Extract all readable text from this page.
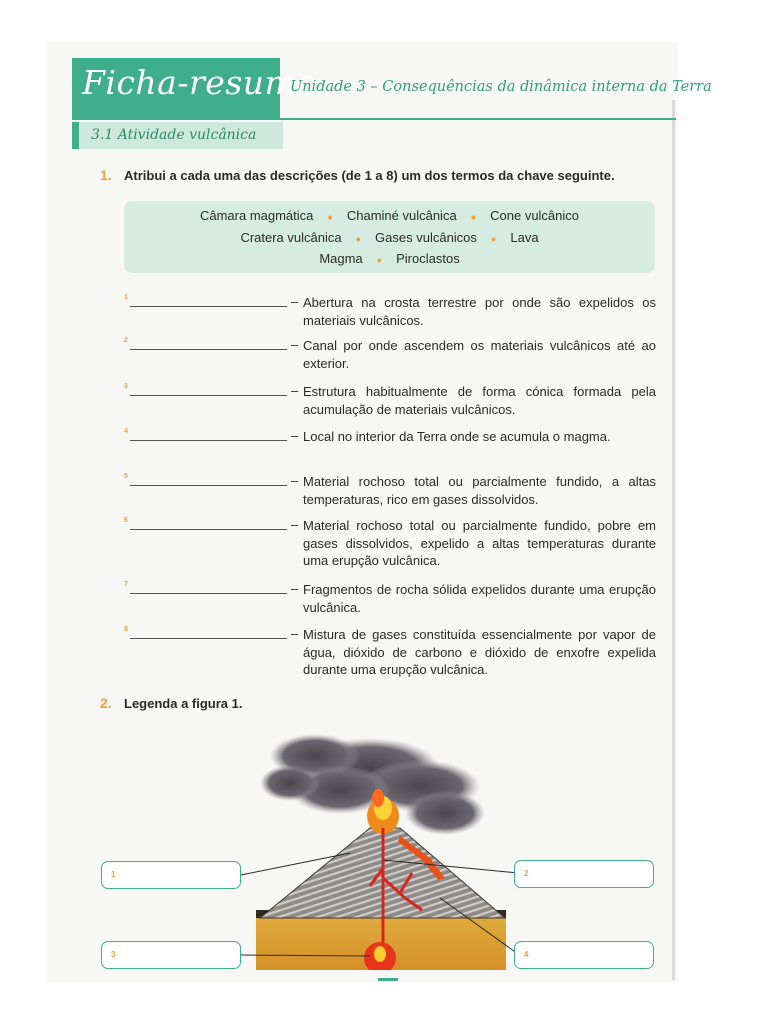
Ficha-resumo
Unidade 3 – Consequências da dinâmica interna da Terra
3.1 Atividade vulcânica
1. Atribui a cada uma das descrições (de 1 a 8) um dos termos da chave seguinte.
Câmara magmática ● Chaminé vulcânica ● Cone vulcânico
Cratera vulcânica ● Gases vulcânicos ● Lava
Magma ● Piroclastos
1	– Abertura na crosta terrestre por onde são expelidos os materiais vulcânicos.
2	– Canal por onde ascendem os materiais vulcânicos até ao exterior.
3	– Estrutura habitualmente de forma cónica formada pela acumulação de materiais vulcânicos.
4	– Local no interior da Terra onde se acumula o magma.
5	– Material rochoso total ou parcialmente fundido, a altas temperaturas, rico em gases dissolvidos.
6	– Material rochoso total ou parcialmente fundido, pobre em gases dissolvidos, expelido a altas temperaturas durante uma erupção vulcânica.
7	– Fragmentos de rocha sólida expelidos durante uma erupção vulcânica.
8	– Mistura de gases constituída essencialmente por vapor de água, dióxido de carbono e dióxido de enxofre expelida durante uma erupção vulcânica.
2. Legenda a figura 1.
1	2
3	4
